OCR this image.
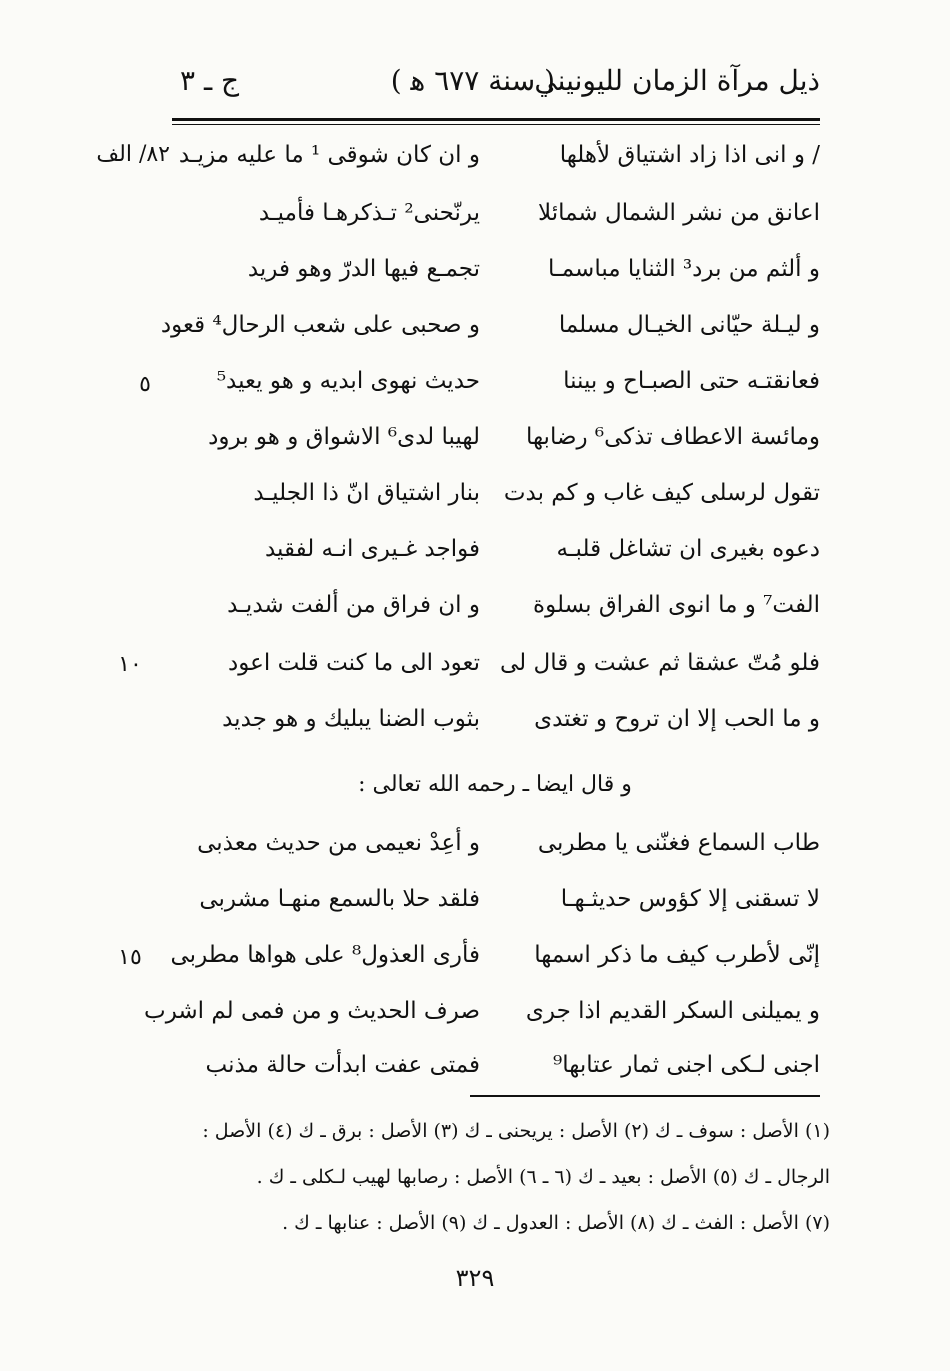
ذيل مرآة الزمان لليونيني
( سنة ٦٧٧ ﻫ )
ج ـ ٣
٨٢/ الف	/ و انى اذا زاد اشتياق لأهلها
و ان كان شوقى ¹ ما عليه مزيـد
اعانق من نشر الشمال شمائلا
يرنّحنى² تـذكرهـا فأميـد
و ألثم من برد³ الثنايا مباسمـا
تجمـع فيها الدرّ وهو فريد
و ليـلة حيّانى الخيـال مسلما
و صحبى على شعب الرحال⁴ قعود
فعانقتـه حتى الصبـاح و بيننا
حديث نهوى ابديه و هو يعيد⁵
٥
ومائسة الاعطاف تذكى⁶ رضابها
لهيبا لدى⁶ الاشواق و هو برود
تقول لرسلى كيف غاب و كم بدت
بنار اشتياق انّ ذا الجليـد
دعوه بغيرى ان تشاغل قلبـه
فواجد غـيرى انـه لفقيد
الفت⁷ و ما انوى الفراق بسلوة
و ان فراق من ألفت شديـد
فلو مُتّ عشقا ثم عشت و قال لى
تعود الى ما كنت قلت اعود
١٠
و ما الحب إلا ان تروح و تغتدى
بثوب الضنا يبليك و هو جديد
و قال ايضا ـ رحمه الله تعالى :
طاب السماع فغنّنى يا مطربى
و أعِدْ نعيمى من حديث معذبى
لا تسقنى إلا كؤوس حديثـهـا
فلقد حلا بالسمع منهـا مشربى
إنّى لأطرب كيف ما ذكر اسمها
فأرى العذول⁸ على هواها مطربى
١٥
و يميلنى السكر القديم اذا جرى
صرف الحديث و من فمى لم اشرب
اجنى لـكى اجنى ثمار عتابها⁹
فمتى عفت ابدأت حالة مذنب
(١) الأصل : سوف ـ ك (٢) الأصل : يريحنى ـ ك (٣) الأصل : برق ـ ك (٤) الأصل :
الرجال ـ ك (٥) الأصل : بعيد ـ ك (٦ ـ ٦) الأصل : رصابها لهيب لـكلى ـ ك .
(٧) الأصل : الفث ـ ك (٨) الأصل : العدول ـ ك (٩) الأصل : عنابها ـ ك .
٣٢٩
